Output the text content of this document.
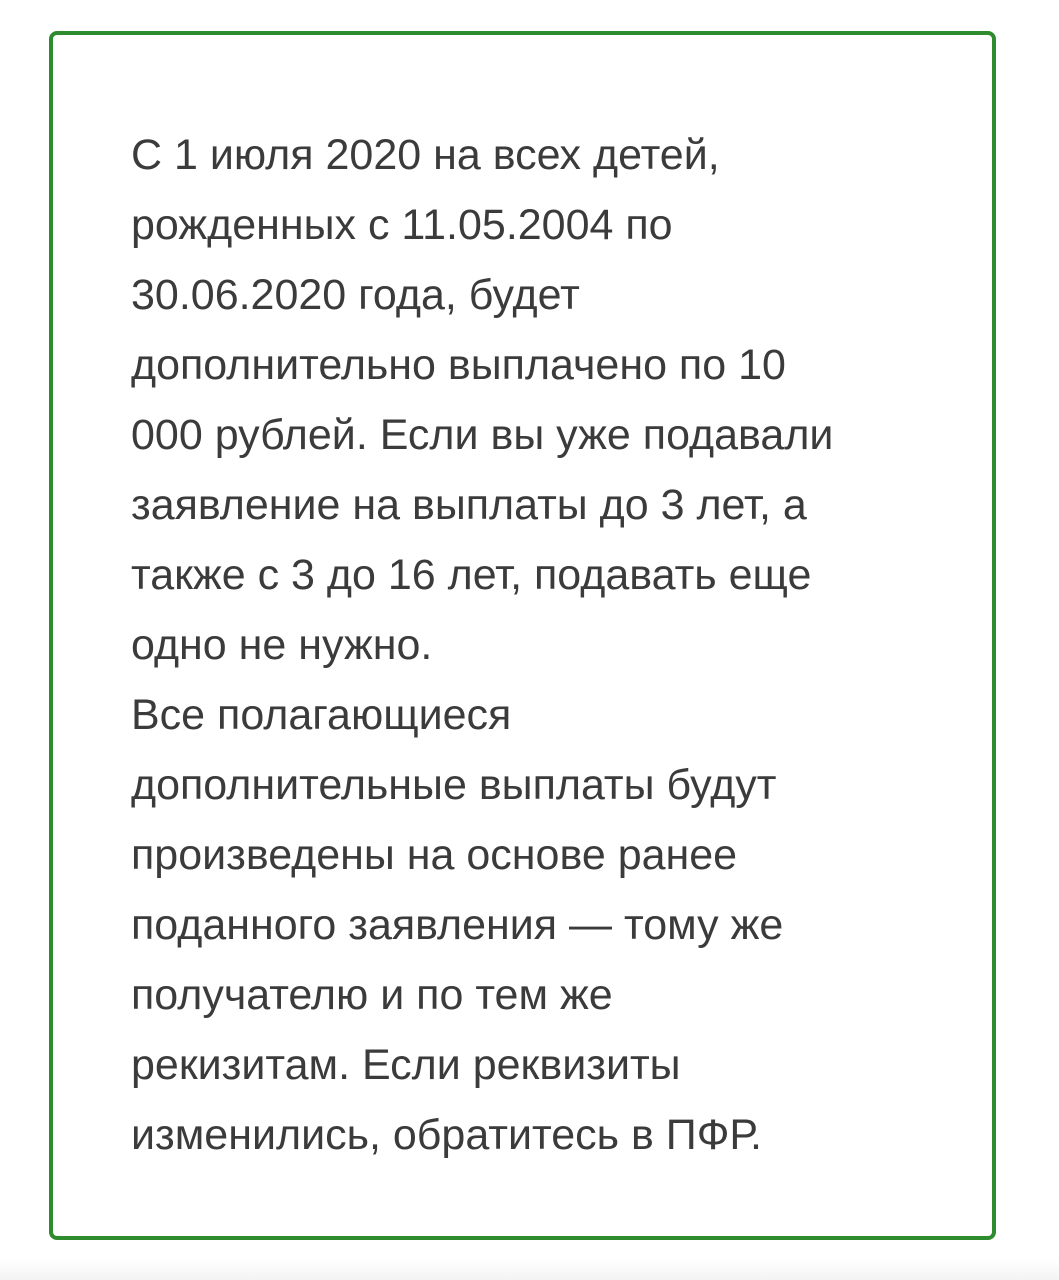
С 1 июля 2020 на всех детей,
рожденных с 11.05.2004 по
30.06.2020 года, будет
дополнительно выплачено по 10
000 рублей. Если вы уже подавали
заявление на выплаты до 3 лет, а
также с 3 до 16 лет, подавать еще
одно не нужно.
Все полагающиеся
дополнительные выплаты будут
произведены на основе ранее
поданного заявления — тому же
получателю и по тем же
рекизитам. Если реквизиты
изменились, обратитесь в ПФР.
